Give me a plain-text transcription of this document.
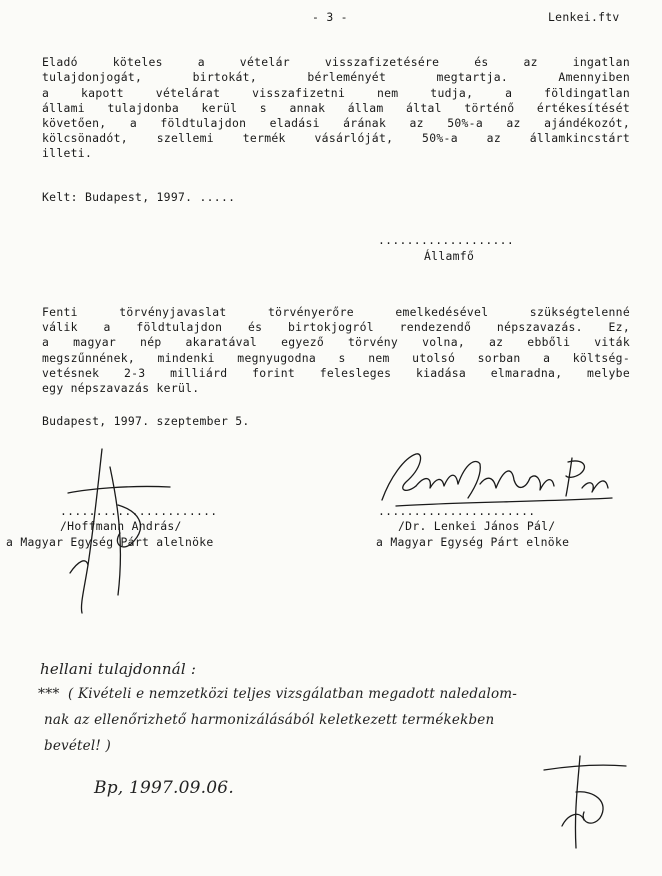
- 3 -	Lenkei.ftv
Eladó köteles a vételár visszafizetésére és az ingatlan
tulajdonjogát, birtokát, bérleményét megtartja. Amennyiben
a kapott vételárat visszafizetni nem tudja, a földingatlan
állami tulajdonba kerül s annak állam által történő értékesítését
követően, a földtulajdon eladási árának az 50%-a az ajándékozót,
kölcsönadót, szellemi termék vásárlóját, 50%-a az államkincstárt
illeti.
Kelt: Budapest, 1997. .....
...................
Államfő
Fenti törvényjavaslat törvényerőre emelkedésével szükségtelenné
válik a földtulajdon és birtokjogról rendezendő népszavazás. Ez,
a magyar nép akaratával egyező törvény volna, az ebbőli viták
megszűnnének, mindenki megnyugodna s nem utolsó sorban a költség-
vetésnek 2-3 milliárd forint felesleges kiadása elmaradna, melybe
egy népszavazás kerül.
Budapest, 1997. szeptember 5.
......................
/Hoffmann András/
a Magyar Egység Párt alelnöke
......................
/Dr. Lenkei János Pál/
a Magyar Egység Párt elnöke
hellani tulajdonnál :
*** ( Kivételi e nemzetközi teljes vizsgálatban megadott naledalom-
nak az ellenőrizhető harmonizálásából keletkezett termékekben
bevétel! )
Bp, 1997.09.06.
